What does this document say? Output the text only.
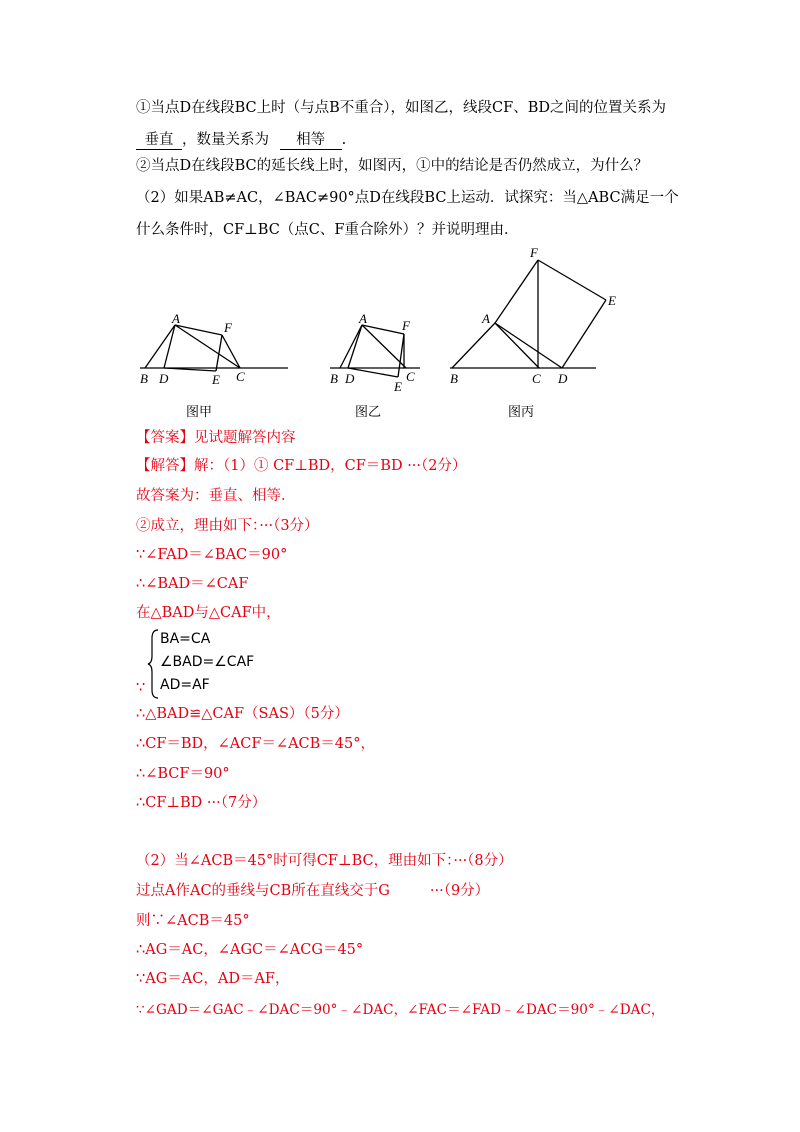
①当点D在线段BC上时（与点B不重合），如图乙，线段CF、BD之间的位置关系为
垂直 ，数量关系为 相等 .
②当点D在线段BC的延长线上时，如图丙，①中的结论是否仍然成立，为什么？
（2）如果AB≠AC，∠BAC≠90°点D在线段BC上运动．试探究：当△ABC满足一个
什么条件时，CF⊥BC（点C、F重合除外）？并说明理由．
A
F
B D	E C
A	F
B D
E
C
F
E
A
B	C D
图甲	图乙	图丙
【答案】见试题解答内容
【解答】解：（1）① CF⊥BD，CF＝BD ···（2分）
故答案为：垂直、相等．
②成立，理由如下：···（3分）
∵∠FAD＝∠BAC＝90°
∴∠BAD＝∠CAF
在△BAD与△CAF中，
BA=CA
∠BAD=∠CAF
AD=AF
∵
∴△BAD≌△CAF（SAS）（5分）
∴CF＝BD，∠ACF＝∠ACB＝45°，
∴∠BCF＝90°
∴CF⊥BD ···（7分）
（2）当∠ACB＝45°时可得CF⊥BC，理由如下：···（8分）
过点A作AC的垂线与CB所在直线交于G	···（9分）
则∵∠ACB＝45°
∴AG＝AC，∠AGC＝∠ACG＝45°
∵AG＝AC，AD＝AF，
∵∠GAD＝∠GAC﹣∠DAC＝90°﹣∠DAC，∠FAC＝∠FAD﹣∠DAC＝90°﹣∠DAC，
